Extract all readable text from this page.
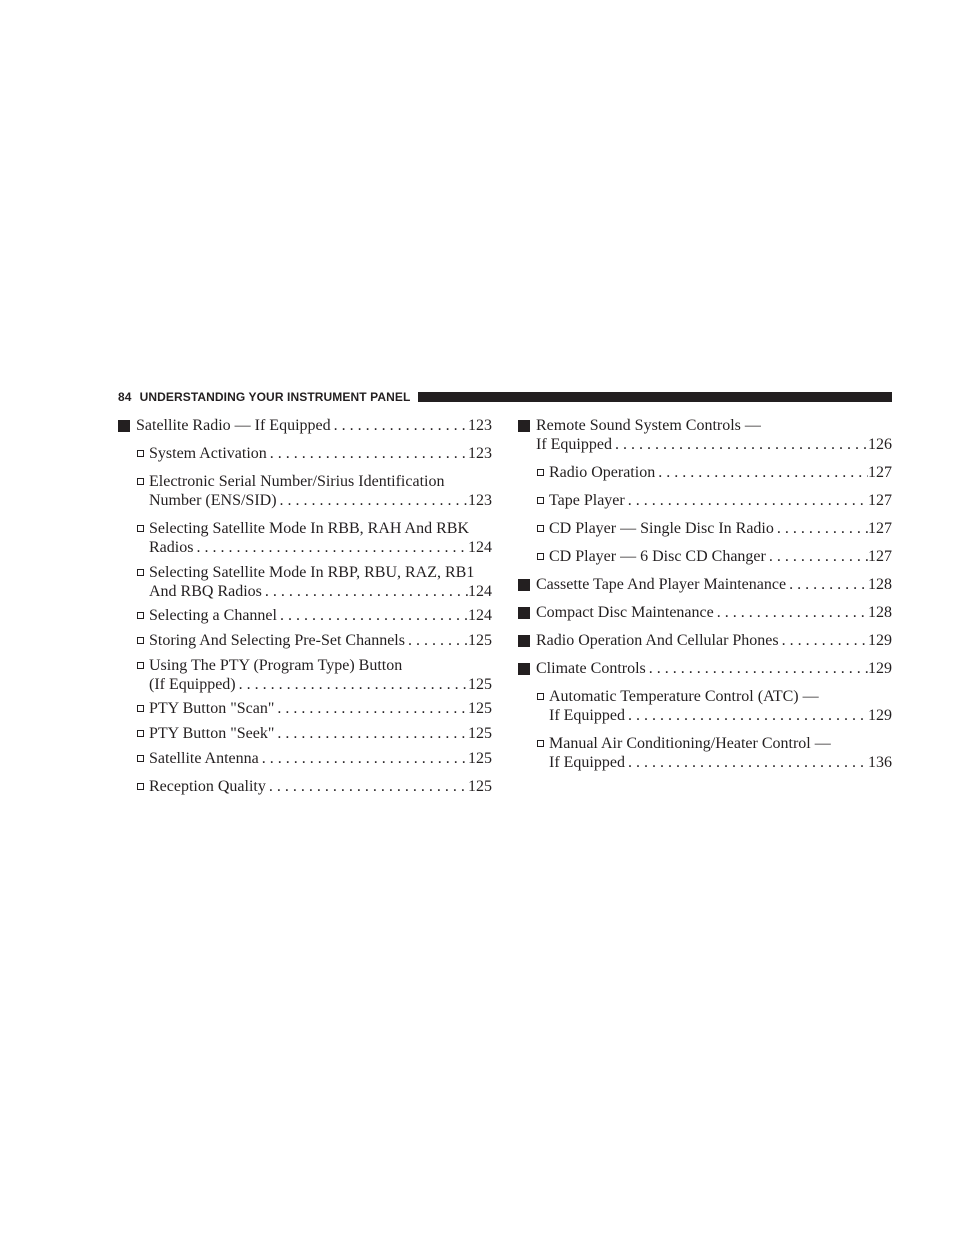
84 UNDERSTANDING YOUR INSTRUMENT PANEL
Satellite Radio — If Equipped . . .	123
System Activation . . .	123
Electronic Serial Number/Sirius Identification
Number (ENS/SID) . . .	123
Selecting Satellite Mode In RBB, RAH And RBK
Radios . . .	124
Selecting Satellite Mode In RBP, RBU, RAZ, RB1
And RBQ Radios . . .	124
Selecting a Channel . . .	124
Storing And Selecting Pre-Set Channels . . .	125
Using The PTY (Program Type) Button
(If Equipped) . . .	125
PTY Button "Scan" . . .	125
PTY Button "Seek" . . .	125
Satellite Antenna . . .	125
Reception Quality . . .	125
Remote Sound System Controls —
If Equipped . . .	126
Radio Operation . . .	127
Tape Player . . .	127
CD Player — Single Disc In Radio . . .	127
CD Player — 6 Disc CD Changer . . .	127
Cassette Tape And Player Maintenance . . .	128
Compact Disc Maintenance . . .	128
Radio Operation And Cellular Phones . . .	129
Climate Controls . . .	129
Automatic Temperature Control (ATC) —
If Equipped . . .	129
Manual Air Conditioning/Heater Control —
If Equipped . . .	136
